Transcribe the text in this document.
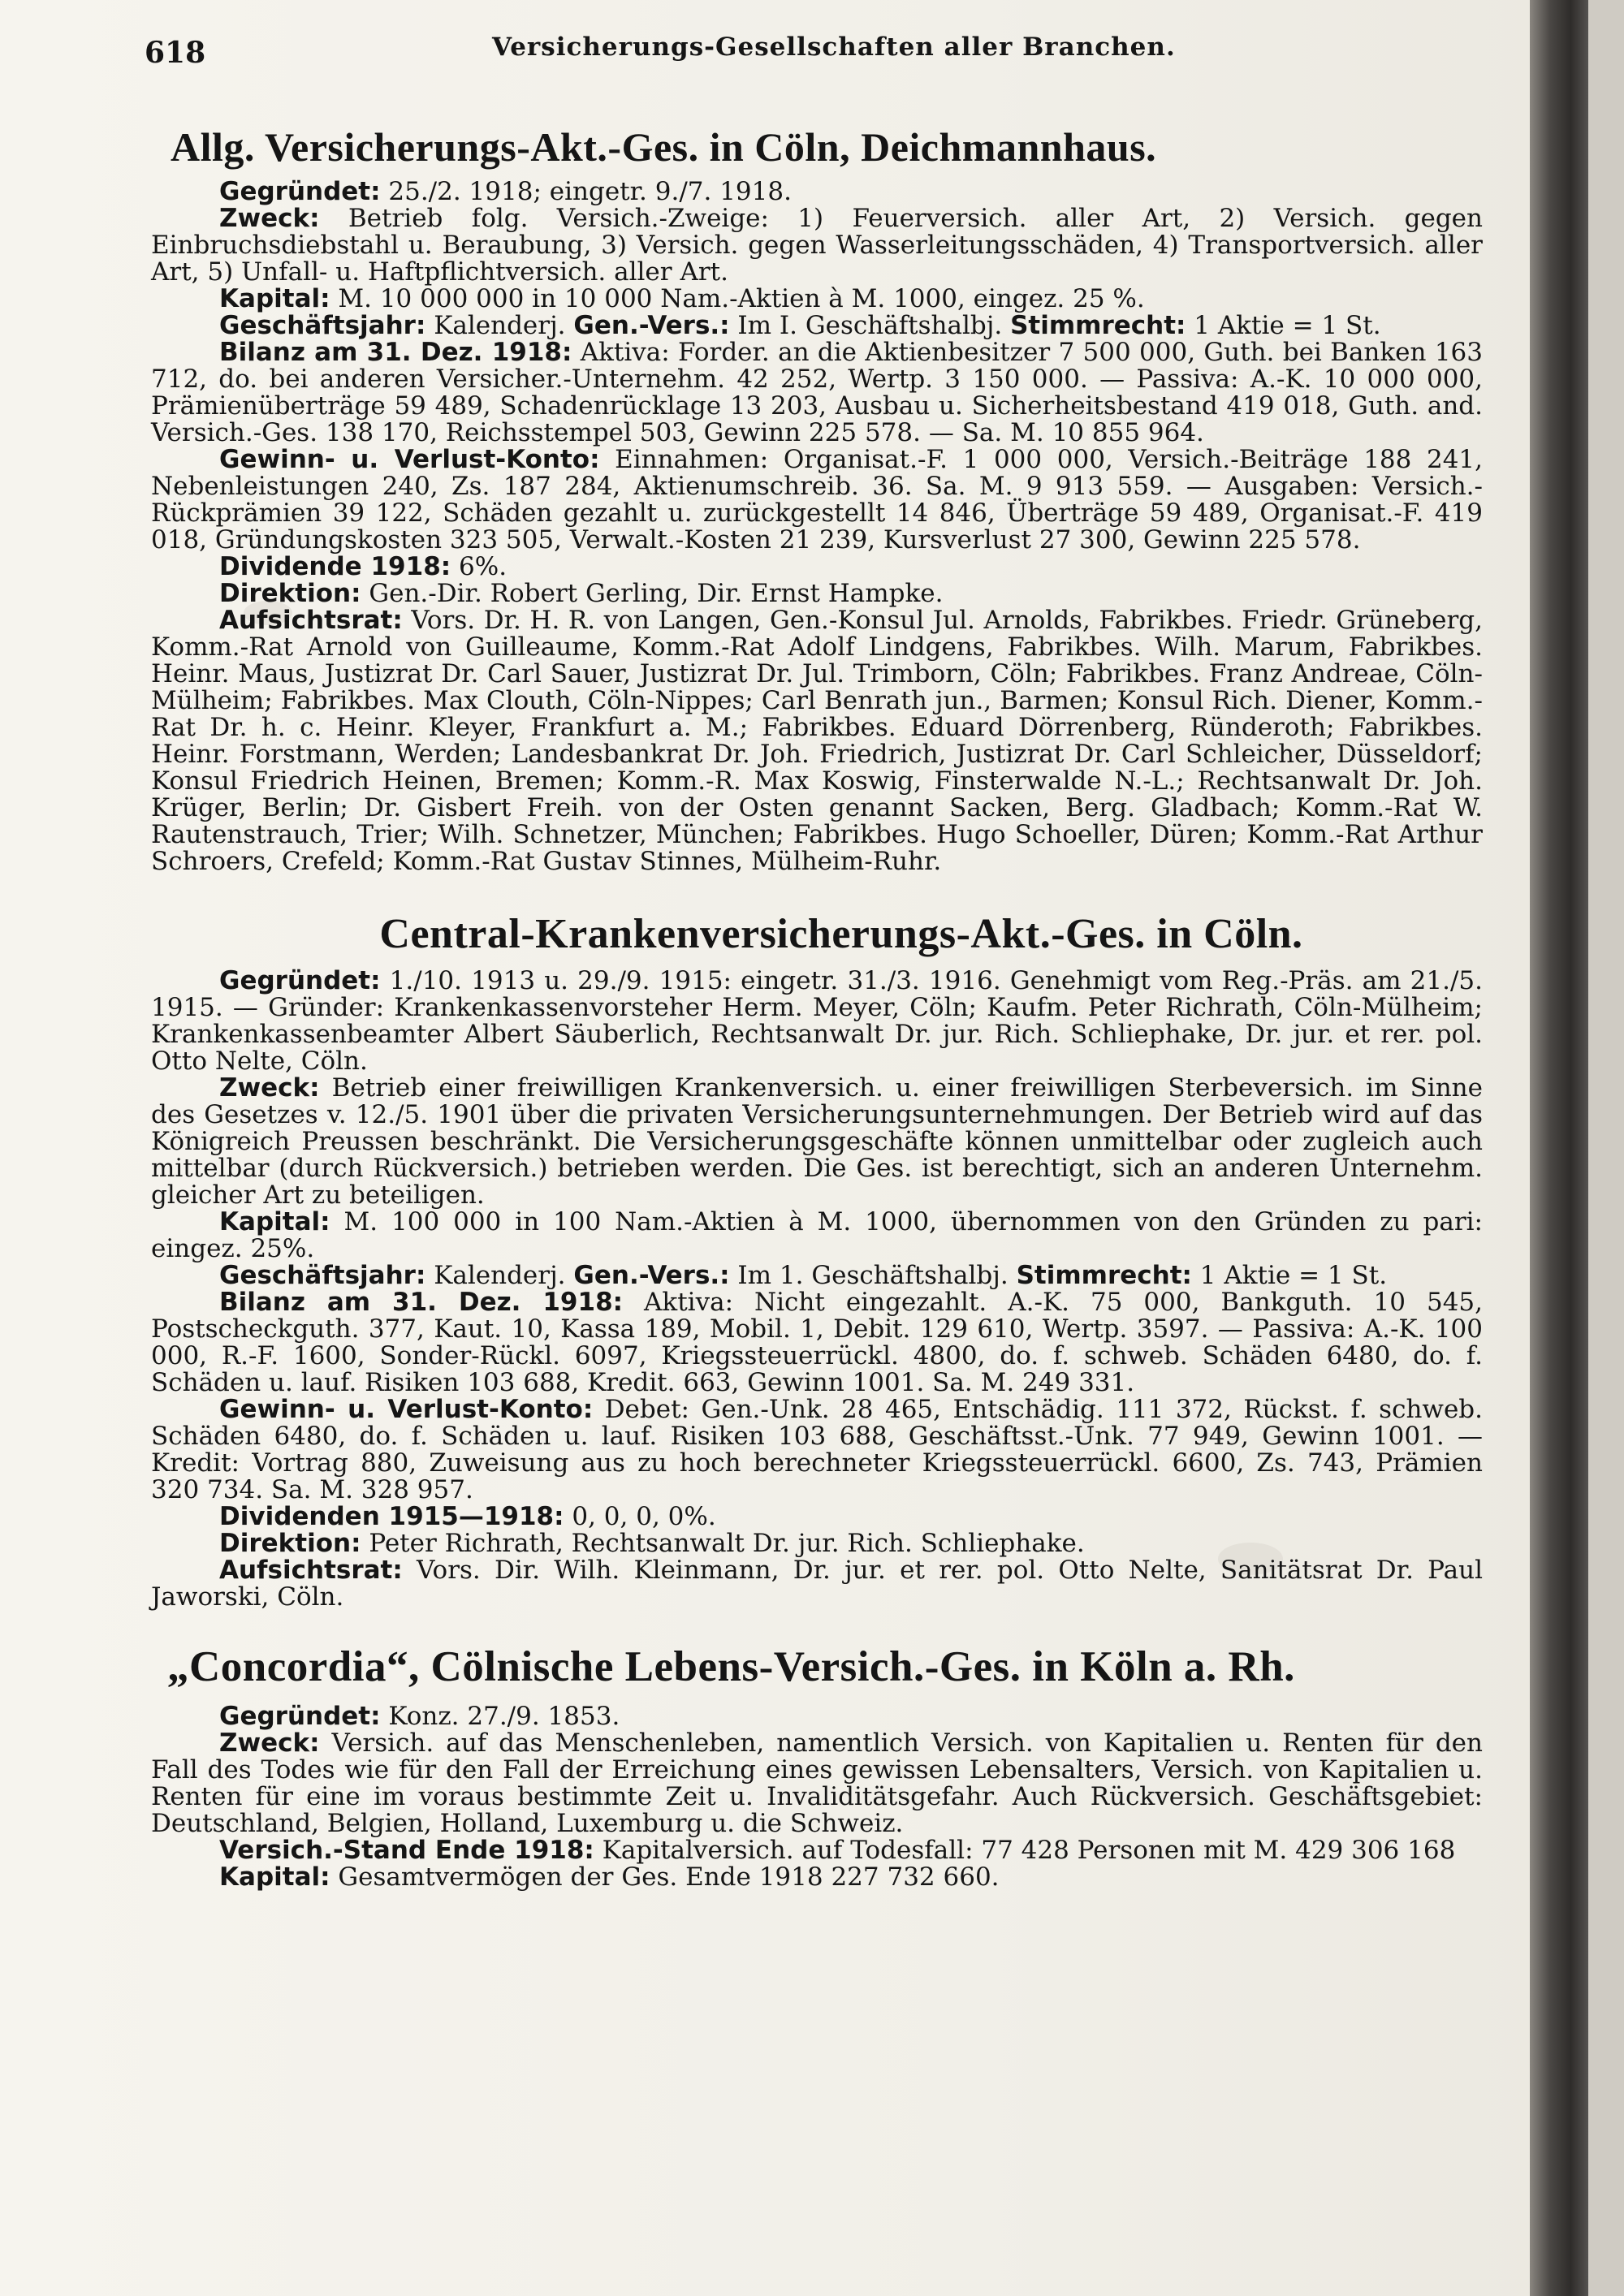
618	Versicherungs-Gesellschaften aller Branchen.
Allg. Versicherungs-Akt.-Ges. in Cöln, Deichmannhaus.

Gegründet: 25./2. 1918; eingetr. 9./7. 1918.

Zweck: Betrieb folg. Versich.-Zweige: 1) Feuerversich. aller Art, 2) Versich. gegen Einbruchsdiebstahl u. Beraubung, 3) Versich. gegen Wasserleitungsschäden, 4) Transportversich. aller Art, 5) Unfall- u. Haftpflichtversich. aller Art.

Kapital: M. 10 000 000 in 10 000 Nam.-Aktien à M. 1000, eingez. 25 %.

Geschäftsjahr: Kalenderj. Gen.-Vers.: Im I. Geschäftshalbj. Stimmrecht: 1 Aktie = 1 St.

Bilanz am 31. Dez. 1918: Aktiva: Forder. an die Aktienbesitzer 7 500 000, Guth. bei Banken 163 712, do. bei anderen Versicher.-Unternehm. 42 252, Wertp. 3 150 000. — Passiva: A.-K. 10 000 000, Prämienüberträge 59 489, Schadenrücklage 13 203, Ausbau u. Sicherheitsbestand 419 018, Guth. and. Versich.-Ges. 138 170, Reichsstempel 503, Gewinn 225 578. — Sa. M. 10 855 964.

Gewinn- u. Verlust-Konto: Einnahmen: Organisat.-F. 1 000 000, Versich.-Beiträge 188 241, Nebenleistungen 240, Zs. 187 284, Aktienumschreib. 36. Sa. M. 9 913 559. — Ausgaben: Versich.-Rückprämien 39 122, Schäden gezahlt u. zurückgestellt 14 846, Überträge 59 489, Organisat.-F. 419 018, Gründungskosten 323 505, Verwalt.-Kosten 21 239, Kursverlust 27 300, Gewinn 225 578.

Dividende 1918: 6%.

Direktion: Gen.-Dir. Robert Gerling, Dir. Ernst Hampke.

Aufsichtsrat: Vors. Dr. H. R. von Langen, Gen.-Konsul Jul. Arnolds, Fabrikbes. Friedr. Grüneberg, Komm.-Rat Arnold von Guilleaume, Komm.-Rat Adolf Lindgens, Fabrikbes. Wilh. Marum, Fabrikbes. Heinr. Maus, Justizrat Dr. Carl Sauer, Justizrat Dr. Jul. Trimborn, Cöln; Fabrikbes. Franz Andreae, Cöln-Mülheim; Fabrikbes. Max Clouth, Cöln-Nippes; Carl Benrath jun., Barmen; Konsul Rich. Diener, Komm.-Rat Dr. h. c. Heinr. Kleyer, Frankfurt a. M.; Fabrikbes. Eduard Dörrenberg, Ründeroth; Fabrikbes. Heinr. Forstmann, Werden; Landesbankrat Dr. Joh. Friedrich, Justizrat Dr. Carl Schleicher, Düsseldorf; Konsul Friedrich Heinen, Bremen; Komm.-R. Max Koswig, Finsterwalde N.-L.; Rechtsanwalt Dr. Joh. Krüger, Berlin; Dr. Gisbert Freih. von der Osten genannt Sacken, Berg. Gladbach; Komm.-Rat W. Rautenstrauch, Trier; Wilh. Schnetzer, München; Fabrikbes. Hugo Schoeller, Düren; Komm.-Rat Arthur Schroers, Crefeld; Komm.-Rat Gustav Stinnes, Mülheim-Ruhr.

Central-Krankenversicherungs-Akt.-Ges. in Cöln.

Gegründet: 1./10. 1913 u. 29./9. 1915: eingetr. 31./3. 1916. Genehmigt vom Reg.-Präs. am 21./5. 1915. — Gründer: Krankenkassenvorsteher Herm. Meyer, Cöln; Kaufm. Peter Richrath, Cöln-Mülheim; Krankenkassenbeamter Albert Säuberlich, Rechtsanwalt Dr. jur. Rich. Schliephake, Dr. jur. et rer. pol. Otto Nelte, Cöln.

Zweck: Betrieb einer freiwilligen Krankenversich. u. einer freiwilligen Sterbeversich. im Sinne des Gesetzes v. 12./5. 1901 über die privaten Versicherungsunternehmungen. Der Betrieb wird auf das Königreich Preussen beschränkt. Die Versicherungsgeschäfte können unmittelbar oder zugleich auch mittelbar (durch Rückversich.) betrieben werden. Die Ges. ist berechtigt, sich an anderen Unternehm. gleicher Art zu beteiligen.

Kapital: M. 100 000 in 100 Nam.-Aktien à M. 1000, übernommen von den Gründen zu pari: eingez. 25%.

Geschäftsjahr: Kalenderj. Gen.-Vers.: Im 1. Geschäftshalbj. Stimmrecht: 1 Aktie = 1 St.

Bilanz am 31. Dez. 1918: Aktiva: Nicht eingezahlt. A.-K. 75 000, Bankguth. 10 545, Postscheckguth. 377, Kaut. 10, Kassa 189, Mobil. 1, Debit. 129 610, Wertp. 3597. — Passiva: A.-K. 100 000, R.-F. 1600, Sonder-Rückl. 6097, Kriegssteuerrückl. 4800, do. f. schweb. Schäden 6480, do. f. Schäden u. lauf. Risiken 103 688, Kredit. 663, Gewinn 1001. Sa. M. 249 331.

Gewinn- u. Verlust-Konto: Debet: Gen.-Unk. 28 465, Entschädig. 111 372, Rückst. f. schweb. Schäden 6480, do. f. Schäden u. lauf. Risiken 103 688, Geschäftsst.-Unk. 77 949, Gewinn 1001. — Kredit: Vortrag 880, Zuweisung aus zu hoch berechneter Kriegssteuerrückl. 6600, Zs. 743, Prämien 320 734. Sa. M. 328 957.

Dividenden 1915—1918: 0, 0, 0, 0%.

Direktion: Peter Richrath, Rechtsanwalt Dr. jur. Rich. Schliephake.

Aufsichtsrat: Vors. Dir. Wilh. Kleinmann, Dr. jur. et rer. pol. Otto Nelte, Sanitätsrat Dr. Paul Jaworski, Cöln.

„Concordia“, Cölnische Lebens-Versich.-Ges. in Köln a. Rh.

Gegründet: Konz. 27./9. 1853.

Zweck: Versich. auf das Menschenleben, namentlich Versich. von Kapitalien u. Renten für den Fall des Todes wie für den Fall der Erreichung eines gewissen Lebensalters, Versich. von Kapitalien u. Renten für eine im voraus bestimmte Zeit u. Invaliditätsgefahr. Auch Rückversich. Geschäftsgebiet: Deutschland, Belgien, Holland, Luxemburg u. die Schweiz.

Versich.-Stand Ende 1918: Kapitalversich. auf Todesfall: 77 428 Personen mit M. 429 306 168

Kapital: Gesamtvermögen der Ges. Ende 1918 227 732 660.
